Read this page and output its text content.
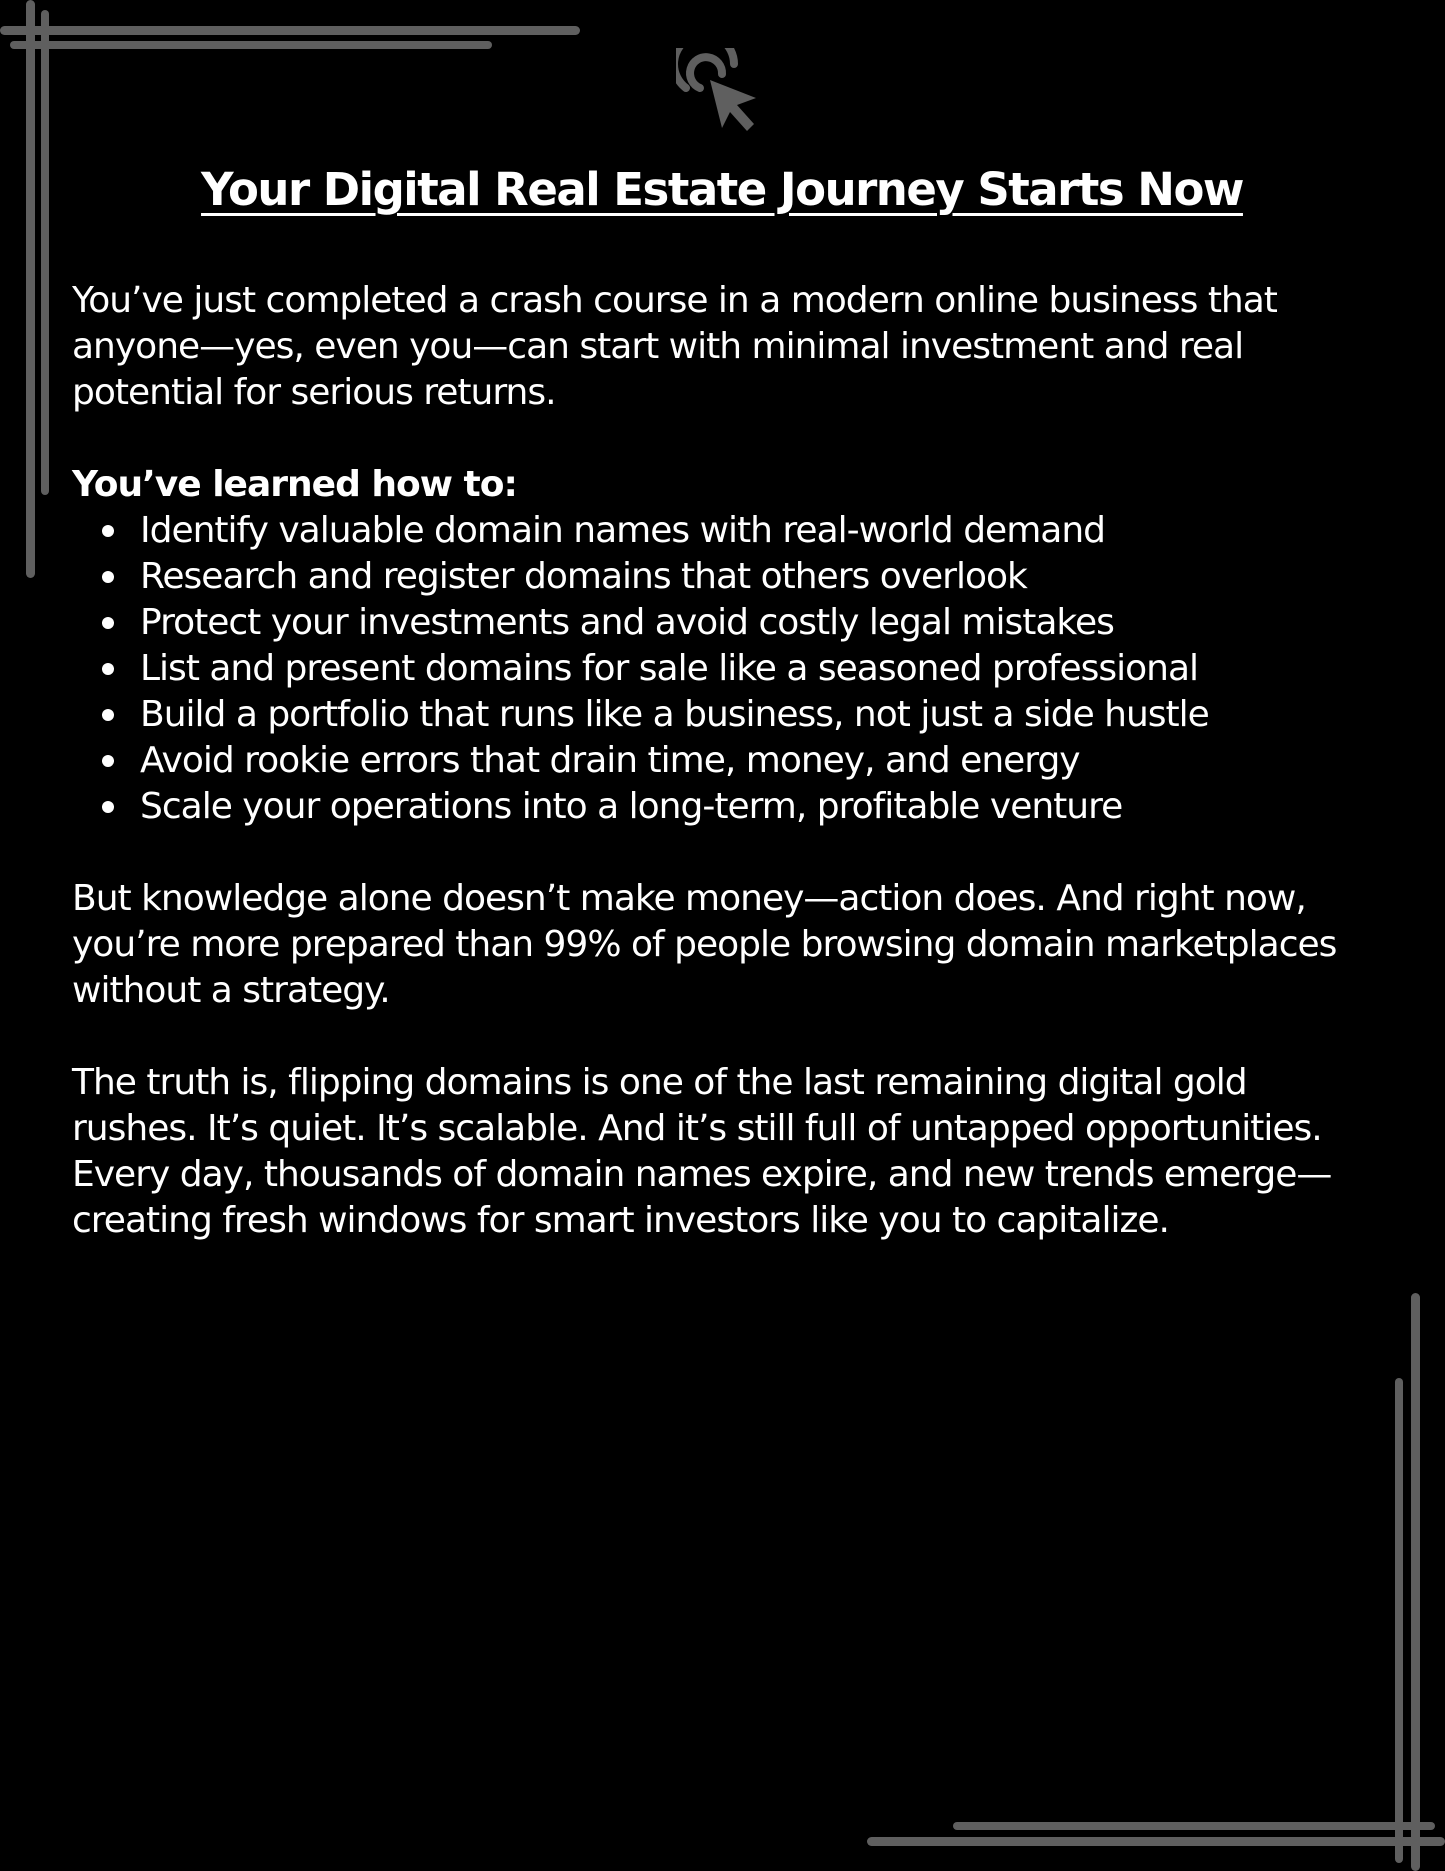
Your Digital Real Estate Journey Starts Now

You’ve just completed a crash course in a modern online business that anyone—yes, even you—can start with minimal investment and real potential for serious returns.

You’ve learned how to:

Identify valuable domain names with real-world demand
Research and register domains that others overlook
Protect your investments and avoid costly legal mistakes
List and present domains for sale like a seasoned professional
Build a portfolio that runs like a business, not just a side hustle
Avoid rookie errors that drain time, money, and energy
Scale your operations into a long-term, profitable venture

But knowledge alone doesn’t make money—action does. And right now, you’re more prepared than 99% of people browsing domain marketplaces without a strategy.

The truth is, flipping domains is one of the last remaining digital gold rushes. It’s quiet. It’s scalable. And it’s still full of untapped opportunities. Every day, thousands of domain names expire, and new trends emerge—creating fresh windows for smart investors like you to capitalize.
